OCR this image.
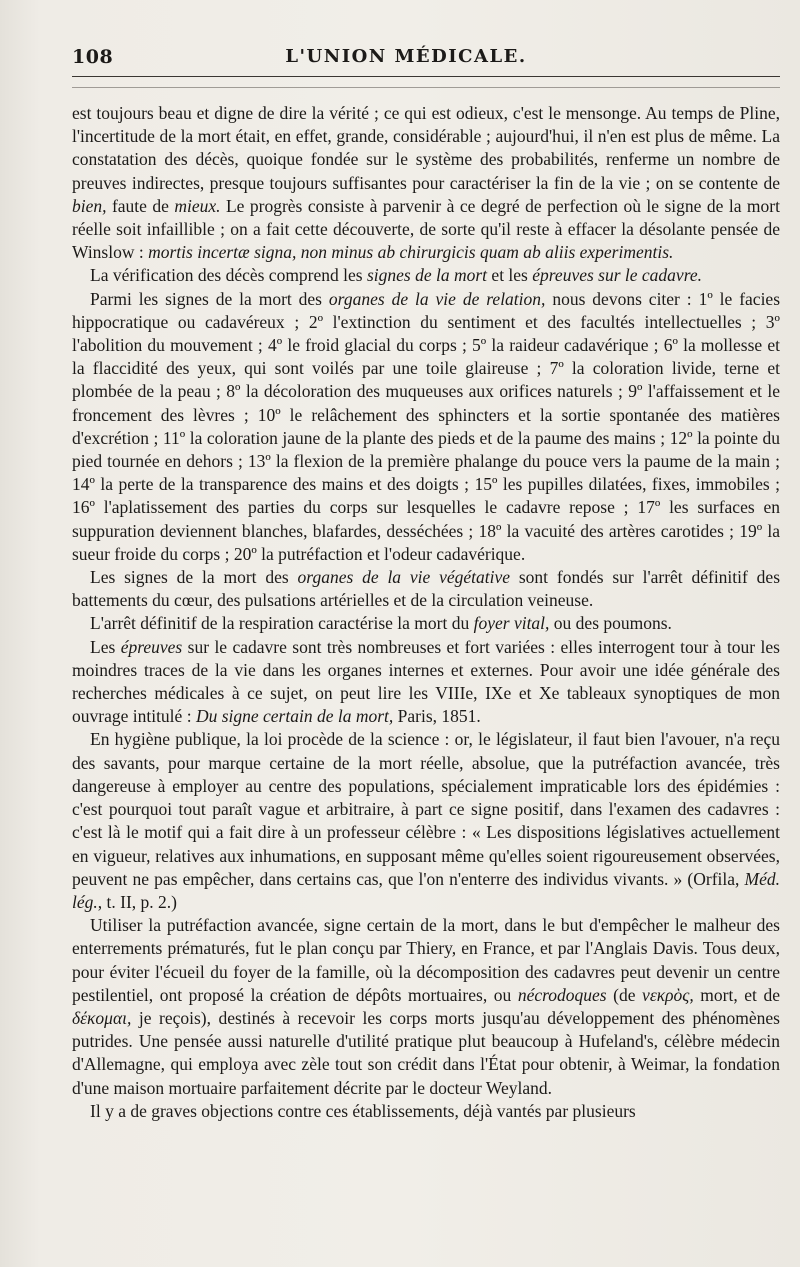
108	L'UNION MÉDICALE.

est toujours beau et digne de dire la vérité ; ce qui est odieux, c'est le mensonge. Au temps de Pline, l'incertitude de la mort était, en effet, grande, considérable ; aujourd'hui, il n'en est plus de même. La constatation des décès, quoique fondée sur le système des probabilités, renferme un nombre de preuves indirectes, presque toujours suffisantes pour caractériser la fin de la vie ; on se contente de bien, faute de mieux. Le progrès consiste à parvenir à ce degré de perfection où le signe de la mort réelle soit infaillible ; on a fait cette découverte, de sorte qu'il reste à effacer la désolante pensée de Winslow : mortis incertæ signa, non minus ab chirurgicis quam ab aliis experimentis.

La vérification des décès comprend les signes de la mort et les épreuves sur le cadavre.

Parmi les signes de la mort des organes de la vie de relation, nous devons citer : 1º le facies hippocratique ou cadavéreux ; 2º l'extinction du sentiment et des facultés intellectuelles ; 3º l'abolition du mouvement ; 4º le froid glacial du corps ; 5º la raideur cadavérique ; 6º la mollesse et la flaccidité des yeux, qui sont voilés par une toile glaireuse ; 7º la coloration livide, terne et plombée de la peau ; 8º la décoloration des muqueuses aux orifices naturels ; 9º l'affaissement et le froncement des lèvres ; 10º le relâchement des sphincters et la sortie spontanée des matières d'excrétion ; 11º la coloration jaune de la plante des pieds et de la paume des mains ; 12º la pointe du pied tournée en dehors ; 13º la flexion de la première phalange du pouce vers la paume de la main ; 14º la perte de la transparence des mains et des doigts ; 15º les pupilles dilatées, fixes, immobiles ; 16º l'aplatissement des parties du corps sur lesquelles le cadavre repose ; 17º les surfaces en suppuration deviennent blanches, blafardes, desséchées ; 18º la vacuité des artères carotides ; 19º la sueur froide du corps ; 20º la putréfaction et l'odeur cadavérique.

Les signes de la mort des organes de la vie végétative sont fondés sur l'arrêt définitif des battements du cœur, des pulsations artérielles et de la circulation veineuse.

L'arrêt définitif de la respiration caractérise la mort du foyer vital, ou des poumons.

Les épreuves sur le cadavre sont très nombreuses et fort variées : elles interrogent tour à tour les moindres traces de la vie dans les organes internes et externes. Pour avoir une idée générale des recherches médicales à ce sujet, on peut lire les VIIIe, IXe et Xe tableaux synoptiques de mon ouvrage intitulé : Du signe certain de la mort, Paris, 1851.

En hygiène publique, la loi procède de la science : or, le législateur, il faut bien l'avouer, n'a reçu des savants, pour marque certaine de la mort réelle, absolue, que la putréfaction avancée, très dangereuse à employer au centre des populations, spécialement impraticable lors des épidémies : c'est pourquoi tout paraît vague et arbitraire, à part ce signe positif, dans l'examen des cadavres : c'est là le motif qui a fait dire à un professeur célèbre : « Les dispositions législatives actuellement en vigueur, relatives aux inhumations, en supposant même qu'elles soient rigoureusement observées, peuvent ne pas empêcher, dans certains cas, que l'on n'enterre des individus vivants. » (Orfila, Méd. lég., t. II, p. 2.)

Utiliser la putréfaction avancée, signe certain de la mort, dans le but d'empêcher le malheur des enterrements prématurés, fut le plan conçu par Thiery, en France, et par l'Anglais Davis. Tous deux, pour éviter l'écueil du foyer de la famille, où la décomposition des cadavres peut devenir un centre pestilentiel, ont proposé la création de dépôts mortuaires, ou nécrodoques (de νεκρὸς, mort, et de δέκομαι, je reçois), destinés à recevoir les corps morts jusqu'au développement des phénomènes putrides. Une pensée aussi naturelle d'utilité pratique plut beaucoup à Hufeland's, célèbre médecin d'Allemagne, qui employa avec zèle tout son crédit dans l'État pour obtenir, à Weimar, la fondation d'une maison mortuaire parfaitement décrite par le docteur Weyland.

Il y a de graves objections contre ces établissements, déjà vantés par plusieurs
